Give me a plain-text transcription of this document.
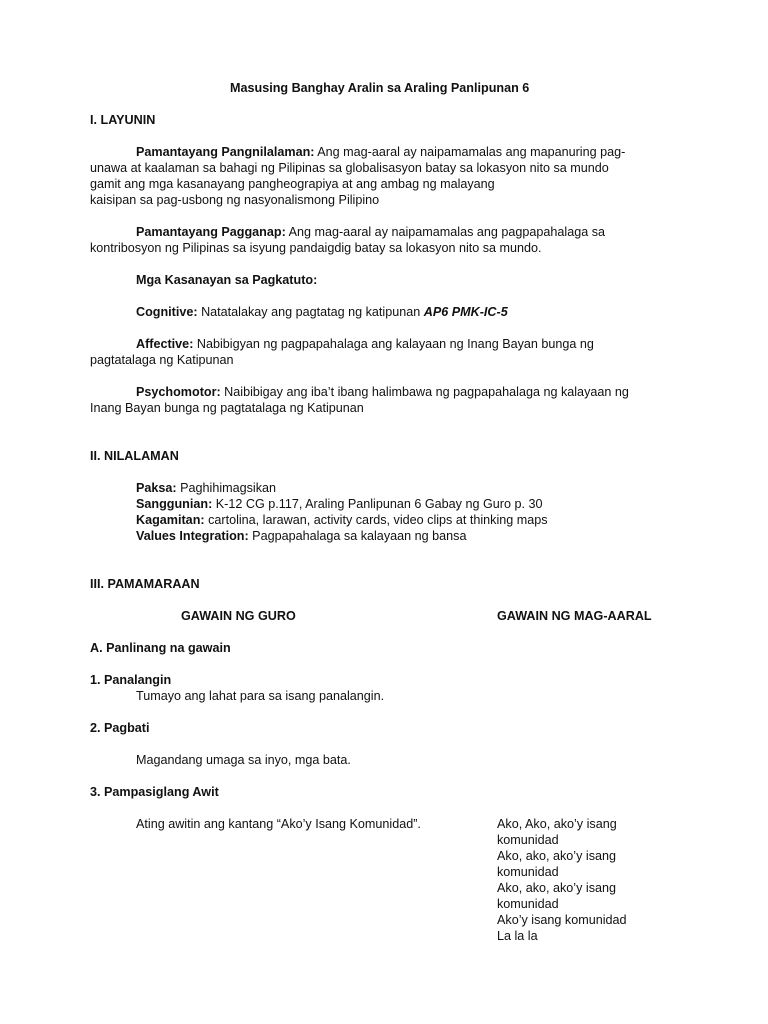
Masusing Banghay Aralin sa Araling Panlipunan 6
I. LAYUNIN
Pamantayang Pangnilalaman: Ang mag-aaral ay naipamamalas ang mapanuring pag-
unawa at kaalaman sa bahagi ng Pilipinas sa globalisasyon batay sa lokasyon nito sa mundo
gamit ang mga kasanayang pangheograpiya at ang ambag ng malayang
kaisipan sa pag-usbong ng nasyonalismong Pilipino
Pamantayang Pagganap: Ang mag-aaral ay naipamamalas ang pagpapahalaga sa
kontribosyon ng Pilipinas sa isyung pandaigdig batay sa lokasyon nito sa mundo.
Mga Kasanayan sa Pagkatuto:
Cognitive: Natatalakay ang pagtatag ng katipunan AP6 PMK-IC-5
Affective: Nabibigyan ng pagpapahalaga ang kalayaan ng Inang Bayan bunga ng
pagtatalaga ng Katipunan
Psychomotor: Naibibigay ang iba’t ibang halimbawa ng pagpapahalaga ng kalayaan ng
Inang Bayan bunga ng pagtatalaga ng Katipunan
II. NILALAMAN
Paksa: Paghihimagsikan
Sanggunian: K-12 CG p.117, Araling Panlipunan 6 Gabay ng Guro p. 30
Kagamitan: cartolina, larawan, activity cards, video clips at thinking maps
Values Integration: Pagpapahalaga sa kalayaan ng bansa
III. PAMAMARAAN
GAWAIN NG GURO	GAWAIN NG MAG-AARAL
A. Panlinang na gawain
1. Panalangin
Tumayo ang lahat para sa isang panalangin.
2. Pagbati
Magandang umaga sa inyo, mga bata.
3. Pampasiglang Awit
Ating awitin ang kantang “Ako’y Isang Komunidad”.	Ako, Ako, ako’y isang
komunidad
Ako, ako, ako’y isang
komunidad
Ako, ako, ako’y isang
komunidad
Ako’y isang komunidad
La la la
